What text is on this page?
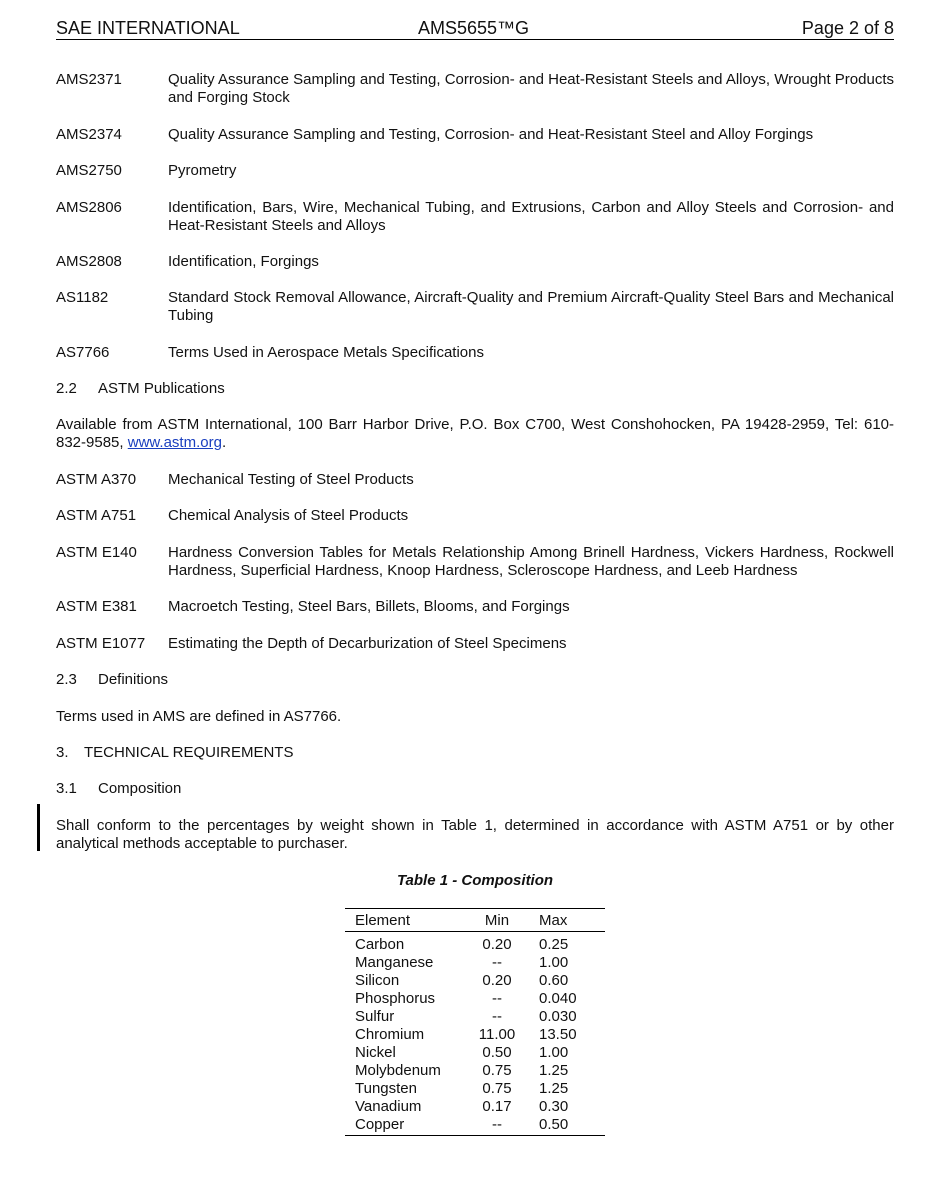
SAE INTERNATIONAL	AMS5655™G	Page 2 of 8
AMS2371	Quality Assurance Sampling and Testing, Corrosion- and Heat-Resistant Steels and Alloys, Wrought Products and Forging Stock
AMS2374	Quality Assurance Sampling and Testing, Corrosion- and Heat-Resistant Steel and Alloy Forgings
AMS2750	Pyrometry
AMS2806	Identification, Bars, Wire, Mechanical Tubing, and Extrusions, Carbon and Alloy Steels and Corrosion- and Heat-Resistant Steels and Alloys
AMS2808	Identification, Forgings
AS1182	Standard Stock Removal Allowance, Aircraft-Quality and Premium Aircraft-Quality Steel Bars and Mechanical Tubing
AS7766	Terms Used in Aerospace Metals Specifications
2.2 ASTM Publications
Available from ASTM International, 100 Barr Harbor Drive, P.O. Box C700, West Conshohocken, PA 19428-2959, Tel: 610-832-9585, www.astm.org.
ASTM A370	Mechanical Testing of Steel Products
ASTM A751	Chemical Analysis of Steel Products
ASTM E140	Hardness Conversion Tables for Metals Relationship Among Brinell Hardness, Vickers Hardness, Rockwell Hardness, Superficial Hardness, Knoop Hardness, Scleroscope Hardness, and Leeb Hardness
ASTM E381	Macroetch Testing, Steel Bars, Billets, Blooms, and Forgings
ASTM E1077	Estimating the Depth of Decarburization of Steel Specimens
2.3 Definitions
Terms used in AMS are defined in AS7766.
3. TECHNICAL REQUIREMENTS
3.1 Composition
Shall conform to the percentages by weight shown in Table 1, determined in accordance with ASTM A751 or by other analytical methods acceptable to purchaser.
Table 1 - Composition
Element	Min	Max
Carbon	0.20	0.25
Manganese	--	1.00
Silicon	0.20	0.60
Phosphorus	--	0.040
Sulfur	--	0.030
Chromium	11.00	13.50
Nickel	0.50	1.00
Molybdenum	0.75	1.25
Tungsten	0.75	1.25
Vanadium	0.17	0.30
Copper	--	0.50
